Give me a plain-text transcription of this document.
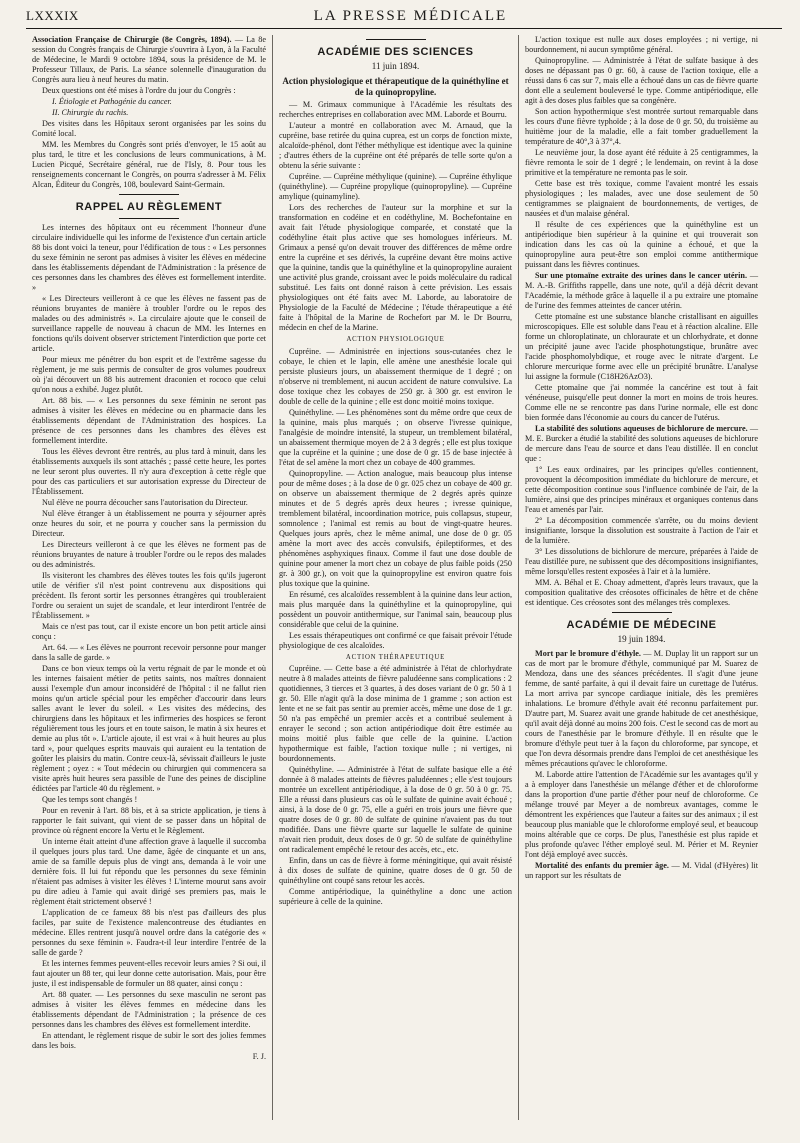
LXXXIX	LA PRESSE MÉDICALE

Association Française de Chirurgie (8e Congrès, 1894). — La 8e session du Congrès français de Chirurgie s'ouvrira à Lyon, à la Faculté de Médecine, le Mardi 9 octobre 1894, sous la présidence de M. le Professeur Tillaux, de Paris. La séance solennelle d'inauguration du Congrès aura lieu à neuf heures du matin.

Deux questions ont été mises à l'ordre du jour du Congrès :

I. Étiologie et Pathogénie du cancer.
II. Chirurgie du rachis.

Des visites dans les Hôpitaux seront organisées par les soins du Comité local.

MM. les Membres du Congrès sont priés d'envoyer, le 15 août au plus tard, le titre et les conclusions de leurs communications, à M. Lucien Picqué, Secrétaire général, rue de l'Isly, 8. Pour tous les renseignements concernant le Congrès, on pourra s'adresser à M. Félix Alcan, Éditeur du Congrès, 108, boulevard Saint-Germain.

RAPPEL AU RÈGLEMENT

Les internes des hôpitaux ont eu récemment l'honneur d'une circulaire individuelle qui les informe de l'existence d'un certain article 88 bis dont voici la teneur, pour l'édification de tous : « Les personnes du sexe féminin ne seront pas admises à visiter les élèves en médecine dans les établissements dépendant de l'Administration : la présence de ces personnes dans les chambres des élèves est formellement interdite. »

« Les Directeurs veilleront à ce que les élèves ne fassent pas de réunions bruyantes de manière à troubler l'ordre ou le repos des malades ou des administrés ». La circulaire ajoute que le conseil de surveillance rappelle de nouveau à chacun de MM. les Internes en fonctions qu'ils doivent observer strictement l'interdiction que porte cet article.

Pour mieux me pénétrer du bon esprit et de l'extrême sagesse du règlement, je me suis permis de consulter de gros volumes poudreux où j'ai découvert un 88 bis autrement draconien et rococo que celui qu'on nous a exhibé. Jugez plutôt.

Art. 88 bis. — « Les personnes du sexe féminin ne seront pas admises à visiter les élèves en médecine ou en pharmacie dans les établissements dépendant de l'Administration des hospices. La présence de ces personnes dans les chambres des élèves est formellement interdite.

Tous les élèves devront être rentrés, au plus tard à minuit, dans les établissements auxquels ils sont attachés ; passé cette heure, les portes ne leur seront plus ouvertes. Il n'y aura d'exception à cette règle que pour des cas particuliers et sur autorisation expresse du Directeur de l'Établissement.

Nul élève ne pourra découcher sans l'autorisation du Directeur.

Nul élève étranger à un établissement ne pourra y séjourner après onze heures du soir, et ne pourra y coucher sans la permission du Directeur.

Les Directeurs veilleront à ce que les élèves ne forment pas de réunions bruyantes de nature à troubler l'ordre ou le repos des malades ou des administrés.

Ils visiteront les chambres des élèves toutes les fois qu'ils jugeront utile de vérifier s'il n'est point contrevenu aux dispositions qui précèdent. Ils feront sortir les personnes étrangères qui troubleraient l'ordre ou seraient un sujet de scandale, et leur interdiront l'entrée de l'Établissement. »

Mais ce n'est pas tout, car il existe encore un bon petit article ainsi conçu :

Art. 64. — « Les élèves ne pourront recevoir personne pour manger dans la salle de garde. »

Dans ce bon vieux temps où la vertu régnait de par le monde et où les internes faisaient métier de petits saints, nos maîtres donnaient aussi l'exemple d'un amour inconsidéré de l'hôpital : il ne fallut rien moins qu'un article spécial pour les empêcher d'accourir dans leurs salles avant le lever du soleil. « Les visites des médecins, des chirurgiens dans les hôpitaux et les infirmeries des hospices se feront régulièrement tous les jours et en toute saison, le matin à six heures et demie au plus tôt ». L'article ajoute, il est vrai « à huit heures au plus tard », pour quelques esprits mauvais qui auraient eu la tentation de goûter les plaisirs du matin. Contre ceux-là, sévissait d'ailleurs le juste règlement ; oyez : « Tout médecin ou chirurgien qui commencera sa visite après huit heures sera passible de l'une des peines de discipline édictées par l'article 40 du règlement. »

Que les temps sont changés !

Pour en revenir à l'art. 88 bis, et à sa stricte application, je tiens à rapporter le fait suivant, qui vient de se passer dans un hôpital de province où régnent encore la Vertu et le Règlement.

Un interne était atteint d'une affection grave à laquelle il succomba il quelques jours plus tard. Une dame, âgée de cinquante et un ans, amie de sa famille depuis plus de vingt ans, demanda à le voir une dernière fois. Il lui fut répondu que les personnes du sexe féminin n'étaient pas admises à visiter les élèves ! L'interne mourut sans avoir pu dire adieu à l'amie qui avait dirigé ses premiers pas, mais le règlement était strictement observé !

L'application de ce fameux 88 bis n'est pas d'ailleurs des plus faciles, par suite de l'existence malencontreuse des étudiantes en médecine. Elles rentrent jusqu'à nouvel ordre dans la catégorie des « personnes du sexe féminin ». Faudra-t-il leur interdire l'entrée de la salle de garde ?

Et les internes femmes peuvent-elles recevoir leurs amies ? Si oui, il faut ajouter un 88 ter, qui leur donne cette autorisation. Mais, pour être juste, il est indispensable de formuler un 88 quater, ainsi conçu :

Art. 88 quater. — Les personnes du sexe masculin ne seront pas admises à visiter les élèves femmes en médecine dans les établissements dépendant de l'Administration ; la présence de ces personnes dans les chambres des élèves est formellement interdite.

En attendant, le règlement risque de subir le sort des jolies femmes dans les bois.

F. J.
ACADÉMIE DES SCIENCES
11 juin 1894.
Action physiologique et thérapeutique de la quinéthyline et de la quinopropyline.

— M. Grimaux communique à l'Académie les résultats des recherches entreprises en collaboration avec MM. Laborde et Bourru.

L'auteur a montré en collaboration avec M. Arnaud, que la cupréine, base retirée du quina cuprea, est un corps de fonction mixte, alcaloïde-phénol, dont l'éther méthylique est identique avec la quinine ; d'autres éthers de la cupréine ont été préparés de telle sorte qu'on a obtenu la série suivante :

Cupréine. — Cupréine méthylique (quinine). — Cupréine éthylique (quinéthyline). — Cupréine propylique (quinopropyline). — Cupréine amylique (quinamyline).

Lors des recherches de l'auteur sur la morphine et sur la transformation en codéine et en codéthyline, M. Bochefontaine en avait fait l'étude physiologique comparée, et constaté que la codéthyline était plus active que ses homologues inférieurs. M. Grimaux a pensé qu'on devait trouver des différences de même ordre entre la cupréine et ses dérivés, la cupréine devant être moins active que la quinine, tandis que la quinéthyline et la quinopropyline auraient une activité plus grande, croissant avec le poids moléculaire du radical substitué. Les faits ont donné raison à cette prévision. Les essais physiologiques ont été faits avec M. Laborde, au laboratoire de Physiologie de la Faculté de Médecine ; l'étude thérapeutique a été faite à l'hôpital de la Marine de Rochefort par M. le Dr Bourru, médecin en chef de la Marine.

ACTION PHYSIOLOGIQUE

Cupréine. — Administrée en injections sous-cutanées chez le cobaye, le chien et le lapin, elle amène une anesthésie locale qui persiste plusieurs jours, un abaissement thermique de 1 degré ; on n'observe ni tremblement, ni aucun accident de nature convulsive. La dose toxique chez les cobayes de 250 gr. à 300 gr. est environ le double de celle de la quinine ; elle est donc moitié moins toxique.

Quinéthyline. — Les phénomènes sont du même ordre que ceux de la quinine, mais plus marqués ; on observe l'ivresse quinique, l'analgésie de moindre intensité, la stupeur, un tremblement bilatéral, un abaissement thermique moyen de 2 à 3 degrés ; elle est plus toxique que la cupréine et la quinine ; une dose de 0 gr. 15 de base injectée à l'état de sel amène la mort chez un cobaye de 400 grammes.

Quinopropyline. — Action analogue, mais beaucoup plus intense pour de même doses ; à la dose de 0 gr. 025 chez un cobaye de 400 gr. on observe un abaissement thermique de 2 degrés après quinze minutes et de 5 degrés après deux heures ; ivresse quinique, tremblement bilatéral, incoordination motrice, puis collapsus, stupeur, somnolence ; l'animal est remis au bout de vingt-quatre heures. Quelques jours après, chez le même animal, une dose de 0 gr. 05 amène la mort avec des accès convulsifs, épileptiformes, et des phénomènes asphyxiques finaux. Comme il faut une dose double de quinine pour amener la mort chez un cobaye de plus faible poids (250 gr. à 300 gr.), on voit que la quinopropyline est environ quatre fois plus toxique que la quinine.

En résumé, ces alcaloïdes ressemblent à la quinine dans leur action, mais plus marquée dans la quinéthyline et la quinopropyline, qui possèdent un pouvoir antithermique, sur l'animal sain, beaucoup plus considérable que celui de la quinine.

Les essais thérapeutiques ont confirmé ce que faisait prévoir l'étude physiologique de ces alcaloïdes.

ACTION THÉRAPEUTIQUE

Cupréine. — Cette base a été administrée à l'état de chlorhydrate neutre à 8 malades atteints de fièvre paludéenne sans complications : 2 quotidiennes, 3 tierces et 3 quartes, à des doses variant de 0 gr. 50 à 1 gr. 50. Elle n'agit qu'à la dose minima de 1 gramme ; son action est lente et ne se fait pas sentir au premier accès, même une dose de 1 gr. 50 n'a pas empêché un premier accès et a contribué seulement à enrayer le second ; son action antipériodique doit être estimée au moins moitié plus faible que celle de la quinine. L'action hypothermique est faible, l'action toxique nulle ; ni vertiges, ni bourdonnements.

Quinéthyline. — Administrée à l'état de sulfate basique elle a été donnée à 8 malades atteints de fièvres paludéennes ; elle s'est toujours montrée un excellent antipériodique, à la dose de 0 gr. 50 à 0 gr. 75. Elle a réussi dans plusieurs cas où le sulfate de quinine avait échoué ; ainsi, à la dose de 0 gr. 75, elle a guéri en trois jours une fièvre que quatre doses de 0 gr. 80 de sulfate de quinine n'avaient pas du tout modifiée. Dans une fièvre quarte sur laquelle le sulfate de quinine n'avait rien produit, deux doses de 0 gr. 50 de sulfate de quinéthyline ont radicalement empêché le retour des accès, etc., etc.

Enfin, dans un cas de fièvre à forme méningitique, qui avait résisté à dix doses de sulfate de quinine, quatre doses de 0 gr. 50 de quinéthyline ont coupé sans retour les accès.

Comme antipériodique, la quinéthyline a donc une action supérieure à celle de la quinine.

L'action toxique est nulle aux doses employées ; ni vertige, ni bourdonnement, ni aucun symptôme général.

Quinopropyline. — Administrée à l'état de sulfate basique à des doses ne dépassant pas 0 gr. 60, à cause de l'action toxique, elle a réussi dans 6 cas sur 7, mais elle a échoué dans un cas de fièvre quarte dont elle a seulement bouleversé le type. Comme antipériodique, elle agit à des doses plus faibles que sa congénère.

Son action hypothermique s'est montrée surtout remarquable dans les cours d'une fièvre typhoïde ; à la dose de 0 gr. 50, du troisième au huitième jour de la maladie, elle a fait tomber graduellement la température de 40°,3 à 37°,4.

Le neuvième jour, la dose ayant été réduite à 25 centigrammes, la fièvre remonta le soir de 1 degré ; le lendemain, on revint à la dose primitive et la température ne remonta pas le soir.

Cette base est très toxique, comme l'avaient montré les essais physiologiques ; les malades, avec une dose seulement de 50 centigrammes se plaignaient de bourdonnements, de vertiges, de nausées et d'un malaise général.

Il résulte de ces expériences que la quinéthyline est un antipériodique bien supérieur à la quinine et qui trouverait son indication dans les cas où la quinine a échoué, et que la quinopropyline aura peut-être son emploi comme antithermique puissant dans les fièvres continues.

Sur une ptomaïne extraite des urines dans le cancer utérin. — M. A.-B. Griffiths rappelle, dans une note, qu'il a déjà décrit devant l'Académie, la méthode grâce à laquelle il a pu extraire une ptomaïne de l'urine des femmes atteintes de cancer utérin.

Cette ptomaïne est une substance blanche cristallisant en aiguilles microscopiques. Elle est soluble dans l'eau et à réaction alcaline. Elle forme un chloroplatinate, un chloraurate et un chlorhydrate, et donne un précipité jaune avec l'acide phosphotungstique, brunâtre avec l'acide phosphomolybdique, et rouge avec le nitrate d'argent. Le chlorure mercurique forme avec elle un précipité brunâtre. L'analyse lui assigne la formule (C18H26AzO3).

Cette ptomaïne que j'ai nommée la cancérine est tout à fait vénéneuse, puisqu'elle peut donner la mort en moins de trois heures. Comme elle ne se rencontre pas dans l'urine normale, elle est donc bien formée dans l'économie au cours du cancer de l'utérus.

La stabilité des solutions aqueuses de bichlorure de mercure. — M. E. Burcker a étudié la stabilité des solutions aqueuses de bichlorure de mercure dans l'eau de source et dans l'eau distillée. Il en conclut que :

1° Les eaux ordinaires, par les principes qu'elles contiennent, provoquent la décomposition immédiate du bichlorure de mercure, et cette décomposition continue sous l'influence combinée de l'air, de la lumière, ainsi que des principes minéraux et organiques contenus dans l'eau et amenés par l'air.

2° La décomposition commencée s'arrête, ou du moins devient insignifiante, lorsque la dissolution est soustraite à l'action de l'air et de la lumière.

3° Les dissolutions de bichlorure de mercure, préparées à l'aide de l'eau distillée pure, ne subissent que des décompositions insignifiantes, même lorsqu'elles restent exposées à l'air et à la lumière.

MM. A. Béhal et E. Choay admettent, d'après leurs travaux, que la composition qualitative des créosotes officinales de hêtre et de chêne est identique. Ces créosotes sont des mélanges très complexes.

ACADÉMIE DE MÉDECINE
19 juin 1894.

Mort par le bromure d'éthyle. — M. Duplay lit un rapport sur un cas de mort par le bromure d'éthyle, communiqué par M. Suarez de Mendoza, dans une des séances précédentes. Il s'agit d'une jeune femme, de santé parfaite, à qui il devait faire un curettage de l'utérus. La mort arriva par syncope cardiaque initiale, dès les premières inhalations. Le bromure d'éthyle avait été reconnu parfaitement pur. D'autre part, M. Suarez avait une grande habitude de cet anesthésique, qu'il avait déjà donné au moins 200 fois. C'est le second cas de mort au cours de l'anesthésie par le bromure d'éthyle. Il en résulte que le bromure d'éthyle peut tuer à la façon du chloroforme, par syncope, et que l'on devra désormais prendre dans l'emploi de cet anesthésique les mêmes précautions qu'avec le chloroforme.

M. Laborde attire l'attention de l'Académie sur les avantages qu'il y a à employer dans l'anesthésie un mélange d'éther et de chloroforme dans la proportion d'une partie d'éther pour neuf de chloroforme. Ce mélange trouvé par Meyer a de nombreux avantages, comme le démontrent les expériences que l'auteur a faites sur des animaux ; il est beaucoup plus maniable que le chloroforme employé seul, et beaucoup moins altérable que ce corps. De plus, l'anesthésie est plus rapide et plus profonde qu'avec l'éther employé seul. M. Périer et M. Reynier l'ont déjà employé avec succès.

Mortalité des enfants du premier âge. — M. Vidal (d'Hyères) lit un rapport sur les résultats de
